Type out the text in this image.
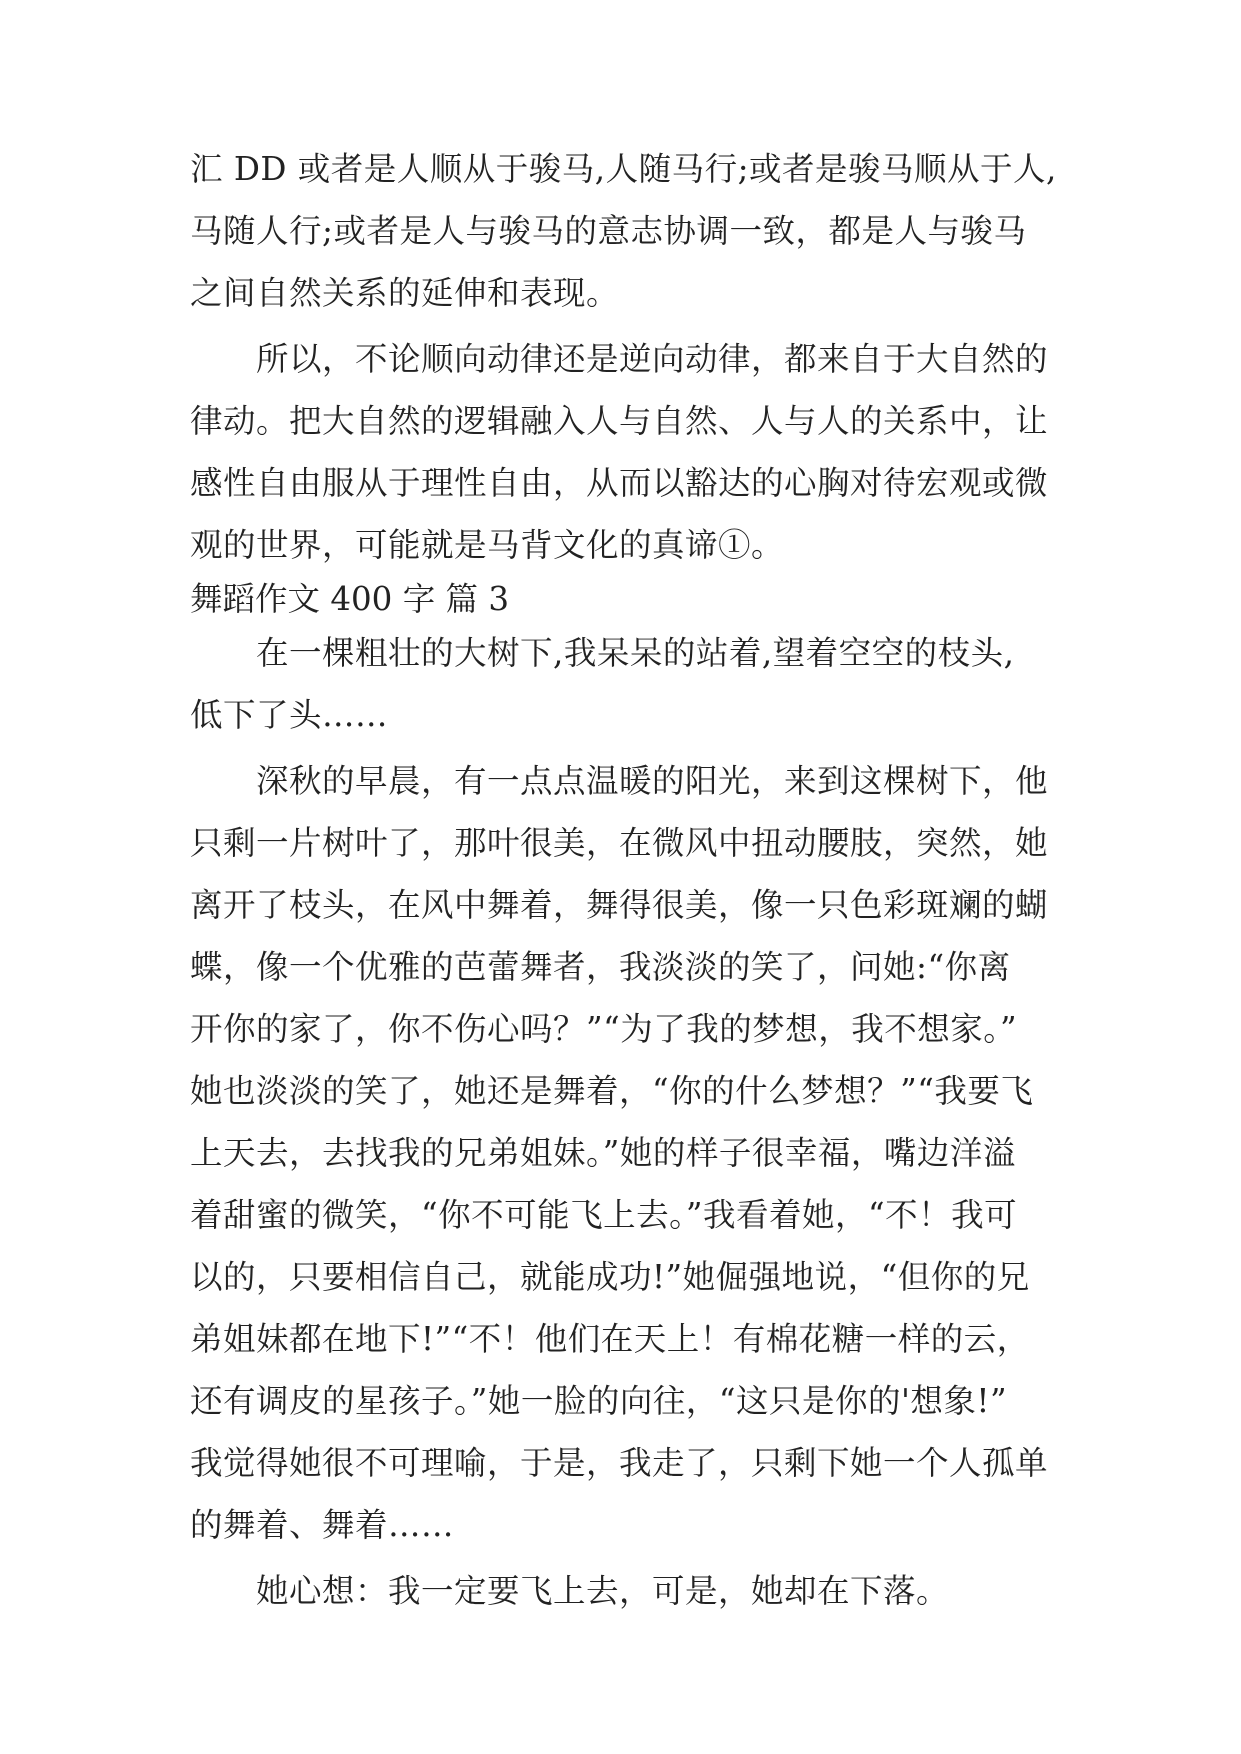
汇 DD 或者是人顺从于骏马,人随马行;或者是骏马顺从于人,
马随人行;或者是人与骏马的意志协调一致，都是人与骏马
之间自然关系的延伸和表现。
所以，不论顺向动律还是逆向动律，都来自于大自然的
律动。把大自然的逻辑融入人与自然、人与人的关系中，让
感性自由服从于理性自由，从而以豁达的心胸对待宏观或微
观的世界，可能就是马背文化的真谛①。
舞蹈作文 400 字 篇 3
在一棵粗壮的大树下,我呆呆的站着,望着空空的枝头,
低下了头……
深秋的早晨，有一点点温暖的阳光，来到这棵树下，他
只剩一片树叶了，那叶很美，在微风中扭动腰肢，突然，她
离开了枝头，在风中舞着，舞得很美，像一只色彩斑斓的蝴
蝶，像一个优雅的芭蕾舞者，我淡淡的笑了，问她:“你离
开你的家了，你不伤心吗？”“为了我的梦想，我不想家。”
她也淡淡的笑了，她还是舞着，“你的什么梦想？”“我要飞
上天去，去找我的兄弟姐妹。”她的样子很幸福，嘴边洋溢
着甜蜜的微笑，“你不可能飞上去。”我看着她，“不！我可
以的，只要相信自己，就能成功!”她倔强地说，“但你的兄
弟姐妹都在地下!”“不！他们在天上！有棉花糖一样的云，
还有调皮的星孩子。”她一脸的向往，“这只是你的'想象!”
我觉得她很不可理喻，于是，我走了，只剩下她一个人孤单
的舞着、舞着……
她心想：我一定要飞上去，可是，她却在下落。
